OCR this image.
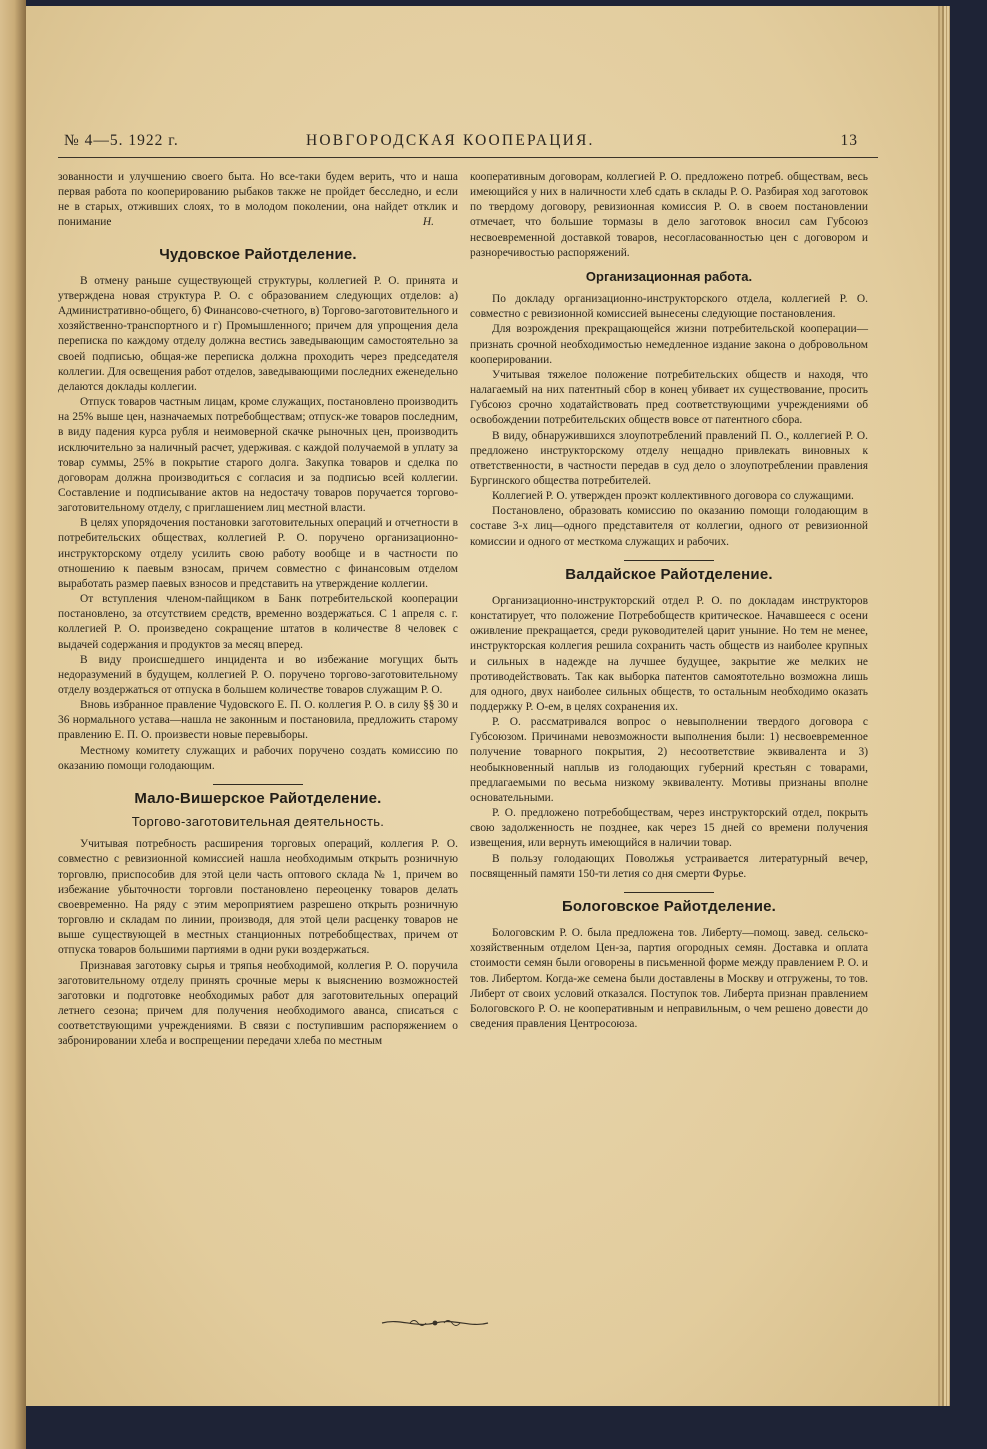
№ 4—5. 1922 г.	НОВГОРОДСКАЯ КООПЕРАЦИЯ.	13

зованности и улучшению своего быта. Но все-таки будем верить, что и наша первая работа по кооперированию рыбаков также не пройдет бесследно, и если не в старых, отживших слоях, то в молодом поколении, она найдет отклик и понимание	Н.

Чудовское Райотделение.

В отмену раньше существующей структуры, коллегией Р. О. принята и утверждена новая структура Р. О. с образованием следующих отделов: а) Административно-общего, б) Финансово-счетного, в) Торгово-заготовительного и хозяйственно-транспортного и г) Промышленного; причем для упрощения дела переписка по каждому отделу должна вестись заведывающим самостоятельно за своей подписью, общая-же переписка должна проходить через председателя коллегии. Для освещения работ отделов, заведывающими последних еженедельно делаются доклады коллегии.

Отпуск товаров частным лицам, кроме служащих, постановлено производить на 25% выше цен, назначаемых потребобществам; отпуск-же товаров последним, в виду падения курса рубля и неимоверной скачке рыночных цен, производить исключительно за наличный расчет, удерживая. с каждой получаемой в уплату за товар суммы, 25% в покрытие старого долга. Закупка товаров и сделка по договорам должна производиться с согласия и за подписью всей коллегии. Составление и подписывание актов на недостачу товаров поручается торгово-заготовительному отделу, с приглашением лиц местной власти.

В целях упорядочения постановки заготовительных операций и отчетности в потребительских обществах, коллегией Р. О. поручено организационно-инструкторскому отделу усилить свою работу вообще и в частности по отношению к паевым взносам, причем совместно с финансовым отделом выработать размер паевых взносов и представить на утверждение коллегии.

От вступления членом-пайщиком в Банк потребительской кооперации постановлено, за отсутствием средств, временно воздержаться. С 1 апреля с. г. коллегией Р. О. произведено сокращение штатов в количестве 8 человек с выдачей содержания и продуктов за месяц вперед.

В виду происшедшего инцидента и во избежание могущих быть недоразумений в будущем, коллегией Р. О. поручено торгово-заготовительному отделу воздержаться от отпуска в большем количестве товаров служащим Р. О.

Вновь избранное правление Чудовского Е. П. О. коллегия Р. О. в силу §§ 30 и 36 нормального устава—нашла не законным и постановила, предложить старому правлению Е. П. О. произвести новые перевыборы.

Местному комитету служащих и рабочих поручено создать комиссию по оказанию помощи голодающим.

Мало-Вишерское Райотделение.
Торгово-заготовительная деятельность.

Учитывая потребность расширения торговых операций, коллегия Р. О. совместно с ревизионной комиссией нашла необходимым открыть розничную торговлю, приспособив для этой цели часть оптового склада № 1, причем во избежание убыточности торговли постановлено переоценку товаров делать своевременно. На ряду с этим мероприятием разрешено открыть розничную торговлю и складам по линии, производя, для этой цели расценку товаров не выше существующей в местных станционных потребобществах, причем от отпуска товаров большими партиями в одни руки воздержаться.

Признавая заготовку сырья и тряпья необходимой, коллегия Р. О. поручила заготовительному отделу принять срочные меры к выяснению возможностей заготовки и подготовке необходимых работ для заготовительных операций летнего сезона; причем для получения необходимого аванса, списаться с соответствующими учреждениями. В связи с поступившим распоряжением о забронировании хлеба и воспрещении передачи хлеба по местным

кооперативным договорам, коллегией Р. О. предложено потреб. обществам, весь имеющийся у них в наличности хлеб сдать в склады Р. О. Разбирая ход заготовок по твердому договору, ревизионная комиссия Р. О. в своем постановлении отмечает, что большие тормазы в дело заготовок вносил сам Губсоюз несвоевременной доставкой товаров, несогласованностью цен с договором и разноречивостью распоряжений.

Организационная работа.

По докладу организационно-инструкторского отдела, коллегией Р. О. совместно с ревизионной комиссией вынесены следующие постановления.

Для возрождения прекращающейся жизни потребительской кооперации—признать срочной необходимостью немедленное издание закона о добровольном кооперировании.

Учитывая тяжелое положение потребительских обществ и находя, что налагаемый на них патентный сбор в конец убивает их существование, просить Губсоюз срочно ходатайствовать пред соответствующими учреждениями об освобождении потребительских обществ вовсе от патентного сбора.

В виду, обнаружившихся злоупотреблений правлений П. О., коллегией Р. О. предложено инструкторскому отделу нещадно привлекать виновных к ответственности, в частности передав в суд дело о злоупотреблении правления Бургинского общества потребителей.

Коллегией Р. О. утвержден проэкт коллективного договора со служащими.

Постановлено, образовать комиссию по оказанию помощи голодающим в составе 3-х лиц—одного представителя от коллегии, одного от ревизионной комиссии и одного от месткома служащих и рабочих.

Валдайское Райотделение.

Организационно-инструкторский отдел Р. О. по докладам инструкторов констатирует, что положение Потребобществ критическое. Начавшееся с осени оживление прекращается, среди руководителей царит уныние. Но тем не менее, инструкторская коллегия решила сохранить часть обществ из наиболее крупных и сильных в надежде на лучшее будущее, закрытие же мелких не противодействовать. Так как выборка патентов самоятотельно возможна лишь для одного, двух наиболее сильных обществ, то остальным необходимо оказать поддержку Р. О-ем, в целях сохранения их.

Р. О. рассматривался вопрос о невыполнении твердого договора с Губсоюзом. Причинами невозможности выполнения были: 1) несвоевременное получение товарного покрытия, 2) несоответствие эквивалента и 3) необыкновенный наплыв из голодающих губерний крестьян с товарами, предлагаемыми по весьма низкому эквиваленту. Мотивы признаны вполне основательными.

Р. О. предложено потребобществам, через инструкторский отдел, покрыть свою задолженность не позднее, как через 15 дней со времени получения извещения, или вернуть имеющийся в наличии товар.

В пользу голодающих Поволжья устраивается литературный вечер, посвященный памяти 150-ти летия со дня смерти Фурье.

Бологовское Райотделение.

Бологовским Р. О. была предложена тов. Либерту—помощ. завед. сельско-хозяйственным отделом Цен-за, партия огородных семян. Доставка и оплата стоимости семян были оговорены в письменной форме между правлением Р. О. и тов. Либертом. Когда-же семена были доставлены в Москву и отгружены, то тов. Либерт от своих условий отказался. Поступок тов. Либерта признан правлением Бологовского Р. О. не кооперативным и неправильным, о чем решено довести до сведения правления Центросоюза.
